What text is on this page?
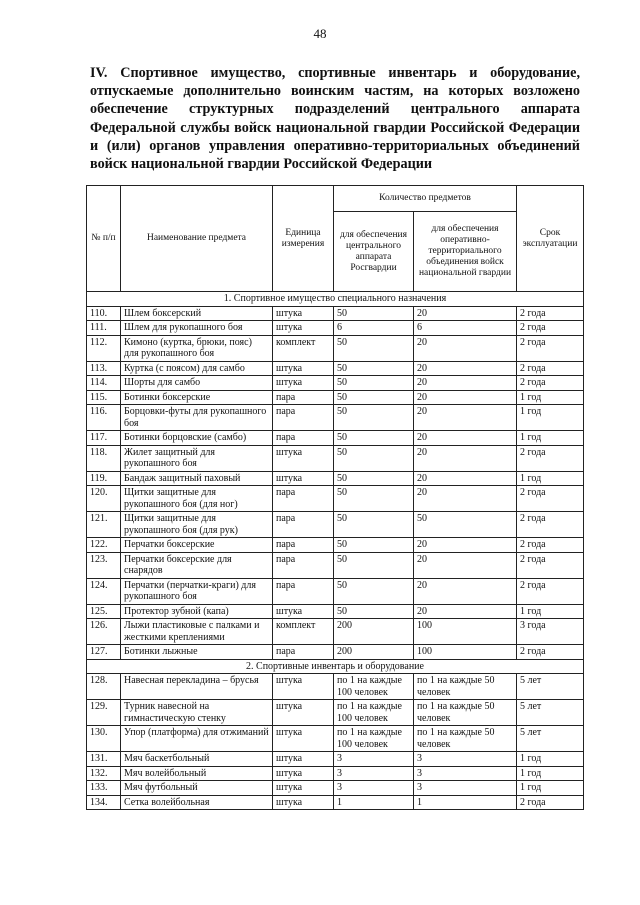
48
IV. Спортивное имущество, спортивные инвентарь и оборудование, отпускаемые дополнительно воинским частям, на которых возложено обеспечение структурных подразделений центрального аппарата Федеральной службы войск национальной гвардии Российской Федерации и (или) органов управления оперативно-территориальных объединений войск национальной гвардии Российской Федерации
№ п/п	Наименование предмета	Единица измерения	Количество предметов		Срок эксплуатации
			для обеспечения центрального аппарата Росгвардии	для обеспечения оперативно-территориального объединения войск национальной гвардии	
1. Спортивное имущество специального назначения					
110.	Шлем боксерский	штука	50	20	2 года
111.	Шлем для рукопашного боя	штука	6	6	2 года
112.	Кимоно (куртка, брюки, пояс) для рукопашного боя	комплект	50	20	2 года
113.	Куртка (с поясом) для самбо	штука	50	20	2 года
114.	Шорты для самбо	штука	50	20	2 года
115.	Ботинки боксерские	пара	50	20	1 год
116.	Борцовки-футы для рукопашного боя	пара	50	20	1 год
117.	Ботинки борцовские (самбо)	пара	50	20	1 год
118.	Жилет защитный для рукопашного боя	штука	50	20	2 года
119.	Бандаж защитный паховый	штука	50	20	1 год
120.	Щитки защитные для рукопашного боя (для ног)	пара	50	20	2 года
121.	Щитки защитные для рукопашного боя (для рук)	пара	50	50	2 года
122.	Перчатки боксерские	пара	50	20	2 года
123.	Перчатки боксерские для снарядов	пара	50	20	2 года
124.	Перчатки (перчатки-краги) для рукопашного боя	пара	50	20	2 года
125.	Протектор зубной (капа)	штука	50	20	1 год
126.	Лыжи пластиковые с палками и жесткими креплениями	комплект	200	100	3 года
127.	Ботинки лыжные	пара	200	100	2 года
2. Спортивные инвентарь и оборудование					
128.	Навесная перекладина – брусья	штука	по 1 на каждые 100 человек	по 1 на каждые 50 человек	5 лет
129.	Турник навесной на гимнастическую стенку	штука	по 1 на каждые 100 человек	по 1 на каждые 50 человек	5 лет
130.	Упор (платформа) для отжиманий	штука	по 1 на каждые 100 человек	по 1 на каждые 50 человек	5 лет
131.	Мяч баскетбольный	штука	3	3	1 год
132.	Мяч волейбольный	штука	3	3	1 год
133.	Мяч футбольный	штука	3	3	1 год
134.	Сетка волейбольная	штука	1	1	2 года
